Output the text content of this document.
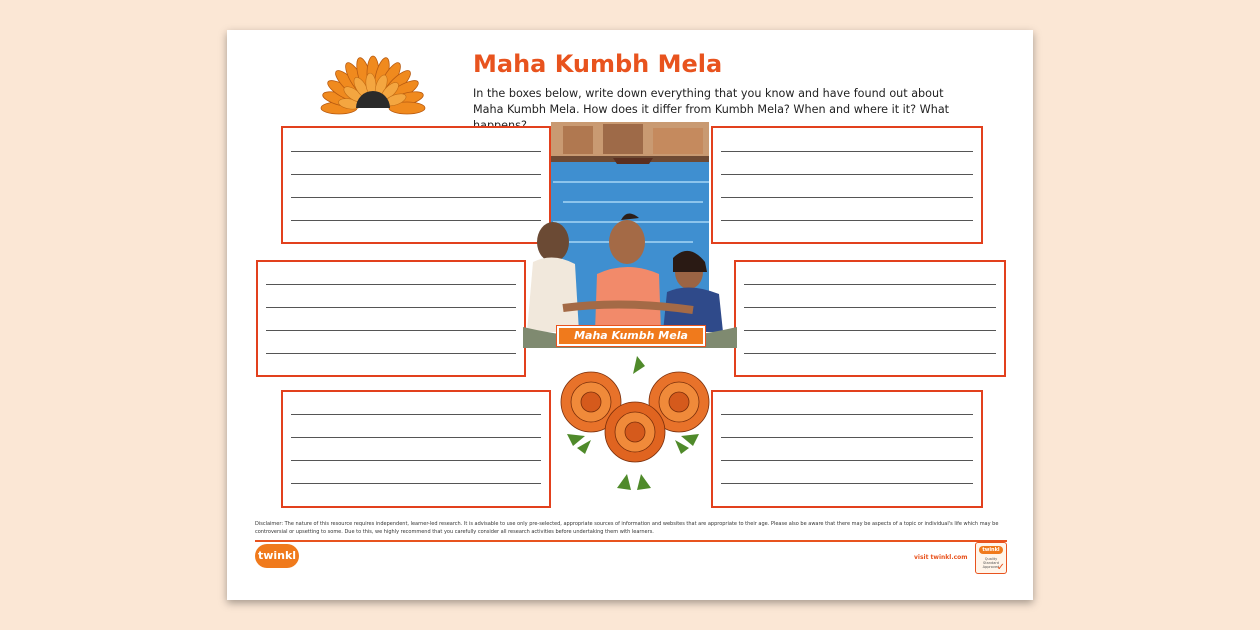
Maha Kumbh Mela
In the boxes below, write down everything that you know and have found out about Maha Kumbh Mela. How does it differ from Kumbh Mela? When and where it it? What
Maha Kumbh Mela
Disclaimer: The nature of this resource requires independent, learner-led research. It is advisable to use only pre-selected, appropriate sources of information and websites that are appropriate to their age. Please also be aware that there may be aspects of a topic or individual's life which may be controversial or upsetting to some. Due to this, we highly recommend that you carefully consider all research activities before undertaking them with learners.
twinkl	visit twinkl.com
twinkl
Quality Standard Approved
✓
